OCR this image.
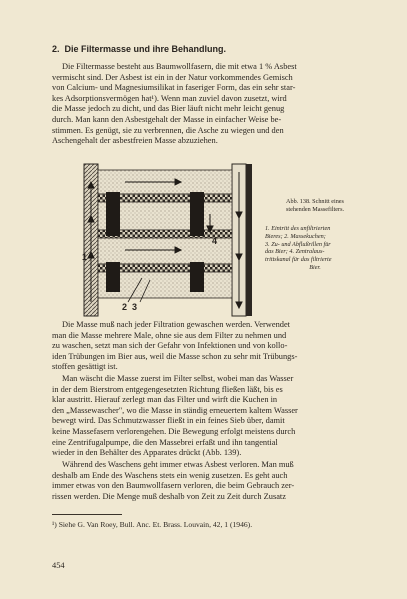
2. Die Filtermasse und ihre Behandlung.

Die Filtermasse besteht aus Baumwollfasern, die mit etwa 1 % Asbest

vermischt sind. Der Asbest ist ein in der Natur vorkommendes Gemisch
von Calcium- und Magnesiumsilikat in faseriger Form, das ein sehr star-
kes Adsorptionsvermögen hat¹). Wenn man zuviel davon zusetzt, wird
die Masse jedoch zu dicht, und das Bier läuft nicht mehr leicht genug
durch. Man kann den Asbestgehalt der Masse in einfacher Weise be-
stimmen. Es genügt, sie zu verbrennen, die Asche zu wiegen und den
Aschengehalt der asbestfreien Masse abzuziehen.
1
4
2 3
Abb. 138. Schnitt eines
stehenden Massefilters.
1. Eintritt des unfiltrierten
Bieres; 2. Massekuchen;
3. Zu- und Abflußrillen für
das Bier; 4. Zentralaus-
trittskanal für das filtrierte
Bier.

Die Masse muß nach jeder Filtration gewaschen werden. Verwendet

man die Masse mehrere Male, ohne sie aus dem Filter zu nehmen und
zu waschen, setzt man sich der Gefahr von Infektionen und von kollo-
iden Trübungen im Bier aus, weil die Masse schon zu sehr mit Trübungs-
stoffen gesättigt ist.
Man wäscht die Masse zuerst im Filter selbst, wobei man das Wasser
in der dem Bierstrom entgegengesetzten Richtung fließen läßt, bis es
klar austritt. Hierauf zerlegt man das Filter und wirft die Kuchen in
den „Massewascher", wo die Masse in ständig erneuertem kaltem Wasser
bewegt wird. Das Schmutzwasser fließt in ein feines Sieb über, damit
keine Massefasern verlorengehen. Die Bewegung erfolgt meistens durch
eine Zentrifugalpumpe, die den Massebrei erfaßt und ihn tangential
wieder in den Behälter des Apparates drückt (Abb. 139).
Während des Waschens geht immer etwas Asbest verloren. Man muß
deshalb am Ende des Waschens stets ein wenig zusetzen. Es geht auch
immer etwas von den Baumwollfasern verloren, die beim Gebrauch zer-
rissen werden. Die Menge muß deshalb von Zeit zu Zeit durch Zusatz
¹) Siehe G. Van Roey, Bull. Anc. Et. Brass. Louvain, 42, 1 (1946).
454
